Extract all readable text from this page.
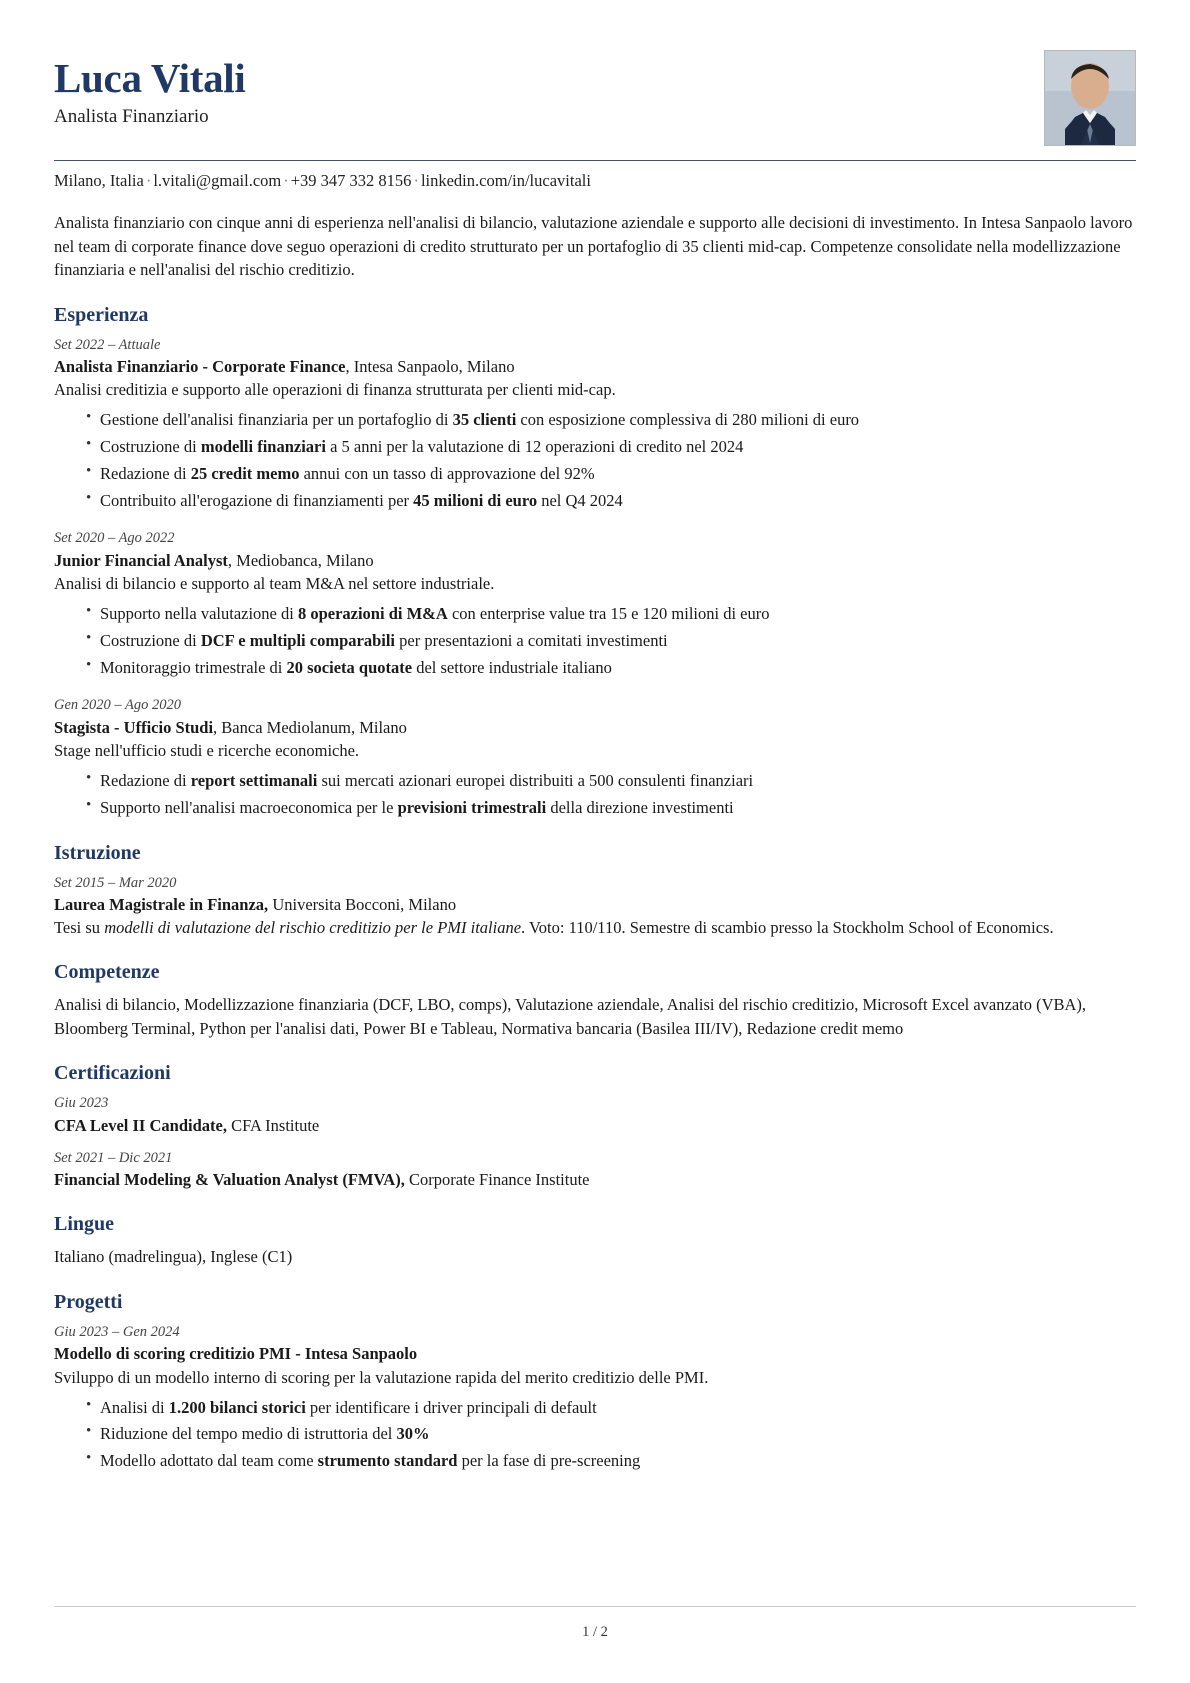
Luca Vitali
Analista Finanziario
Milano, Italia · l.vitali@gmail.com · +39 347 332 8156 · linkedin.com/in/lucavitali
Analista finanziario con cinque anni di esperienza nell'analisi di bilancio, valutazione aziendale e supporto alle decisioni di investimento. In Intesa Sanpaolo lavoro nel team di corporate finance dove seguo operazioni di credito strutturato per un portafoglio di 35 clienti mid-cap. Competenze consolidate nella modellizzazione finanziaria e nell'analisi del rischio creditizio.
Esperienza
Set 2022 – Attuale
Analista Finanziario - Corporate Finance, Intesa Sanpaolo, Milano
Analisi creditizia e supporto alle operazioni di finanza strutturata per clienti mid-cap.
• Gestione dell'analisi finanziaria per un portafoglio di 35 clienti con esposizione complessiva di 280 milioni di euro
• Costruzione di modelli finanziari a 5 anni per la valutazione di 12 operazioni di credito nel 2024
• Redazione di 25 credit memo annui con un tasso di approvazione del 92%
• Contribuito all'erogazione di finanziamenti per 45 milioni di euro nel Q4 2024
Set 2020 – Ago 2022
Junior Financial Analyst, Mediobanca, Milano
Analisi di bilancio e supporto al team M&A nel settore industriale.
• Supporto nella valutazione di 8 operazioni di M&A con enterprise value tra 15 e 120 milioni di euro
• Costruzione di DCF e multipli comparabili per presentazioni a comitati investimenti
• Monitoraggio trimestrale di 20 societa quotate del settore industriale italiano
Gen 2020 – Ago 2020
Stagista - Ufficio Studi, Banca Mediolanum, Milano
Stage nell'ufficio studi e ricerche economiche.
• Redazione di report settimanali sui mercati azionari europei distribuiti a 500 consulenti finanziari
• Supporto nell'analisi macroeconomica per le previsioni trimestrali della direzione investimenti
Istruzione
Set 2015 – Mar 2020
Laurea Magistrale in Finanza, Universita Bocconi, Milano
Tesi su modelli di valutazione del rischio creditizio per le PMI italiane. Voto: 110/110. Semestre di scambio presso la Stockholm School of Economics.
Competenze
Analisi di bilancio, Modellizzazione finanziaria (DCF, LBO, comps), Valutazione aziendale, Analisi del rischio creditizio, Microsoft Excel avanzato (VBA), Bloomberg Terminal, Python per l'analisi dati, Power BI e Tableau, Normativa bancaria (Basilea III/IV), Redazione credit memo
Certificazioni
Giu 2023
CFA Level II Candidate, CFA Institute
Set 2021 – Dic 2021
Financial Modeling & Valuation Analyst (FMVA), Corporate Finance Institute
Lingue
Italiano (madrelingua), Inglese (C1)
Progetti
Giu 2023 – Gen 2024
Modello di scoring creditizio PMI - Intesa Sanpaolo
Sviluppo di un modello interno di scoring per la valutazione rapida del merito creditizio delle PMI.
• Analisi di 1.200 bilanci storici per identificare i driver principali di default
• Riduzione del tempo medio di istruttoria del 30%
• Modello adottato dal team come strumento standard per la fase di pre-screening
1 / 2
